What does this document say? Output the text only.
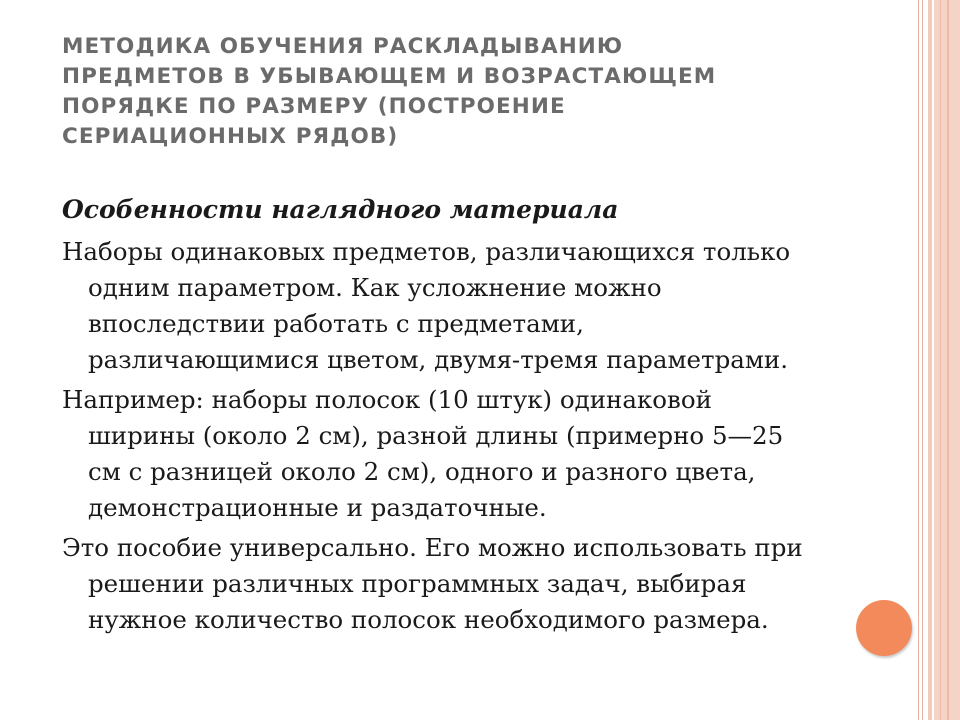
МЕТОДИКА ОБУЧЕНИЯ РАСКЛАДЫВАНИЮ
ПРЕДМЕТОВ В УБЫВАЮЩЕМ И ВОЗРАСТАЮЩЕМ
ПОРЯДКЕ ПО РАЗМЕРУ (ПОСТРОЕНИЕ
СЕРИАЦИОННЫХ РЯДОВ)

Особенности наглядного материала

Наборы одинаковых предметов, различающихся только
одним параметром. Как усложнение можно
впоследствии работать с предметами,
различающимися цветом, двумя-тремя параметрами.

Например: наборы полосок (10 штук) одинаковой
ширины (около 2 см), разной длины (примерно 5—25
см с разницей около 2 см), одного и разного цвета,
демонстрационные и раздаточные.

Это пособие универсально. Его можно использовать при
решении различных программных задач, выбирая
нужное количество полосок необходимого размера.
